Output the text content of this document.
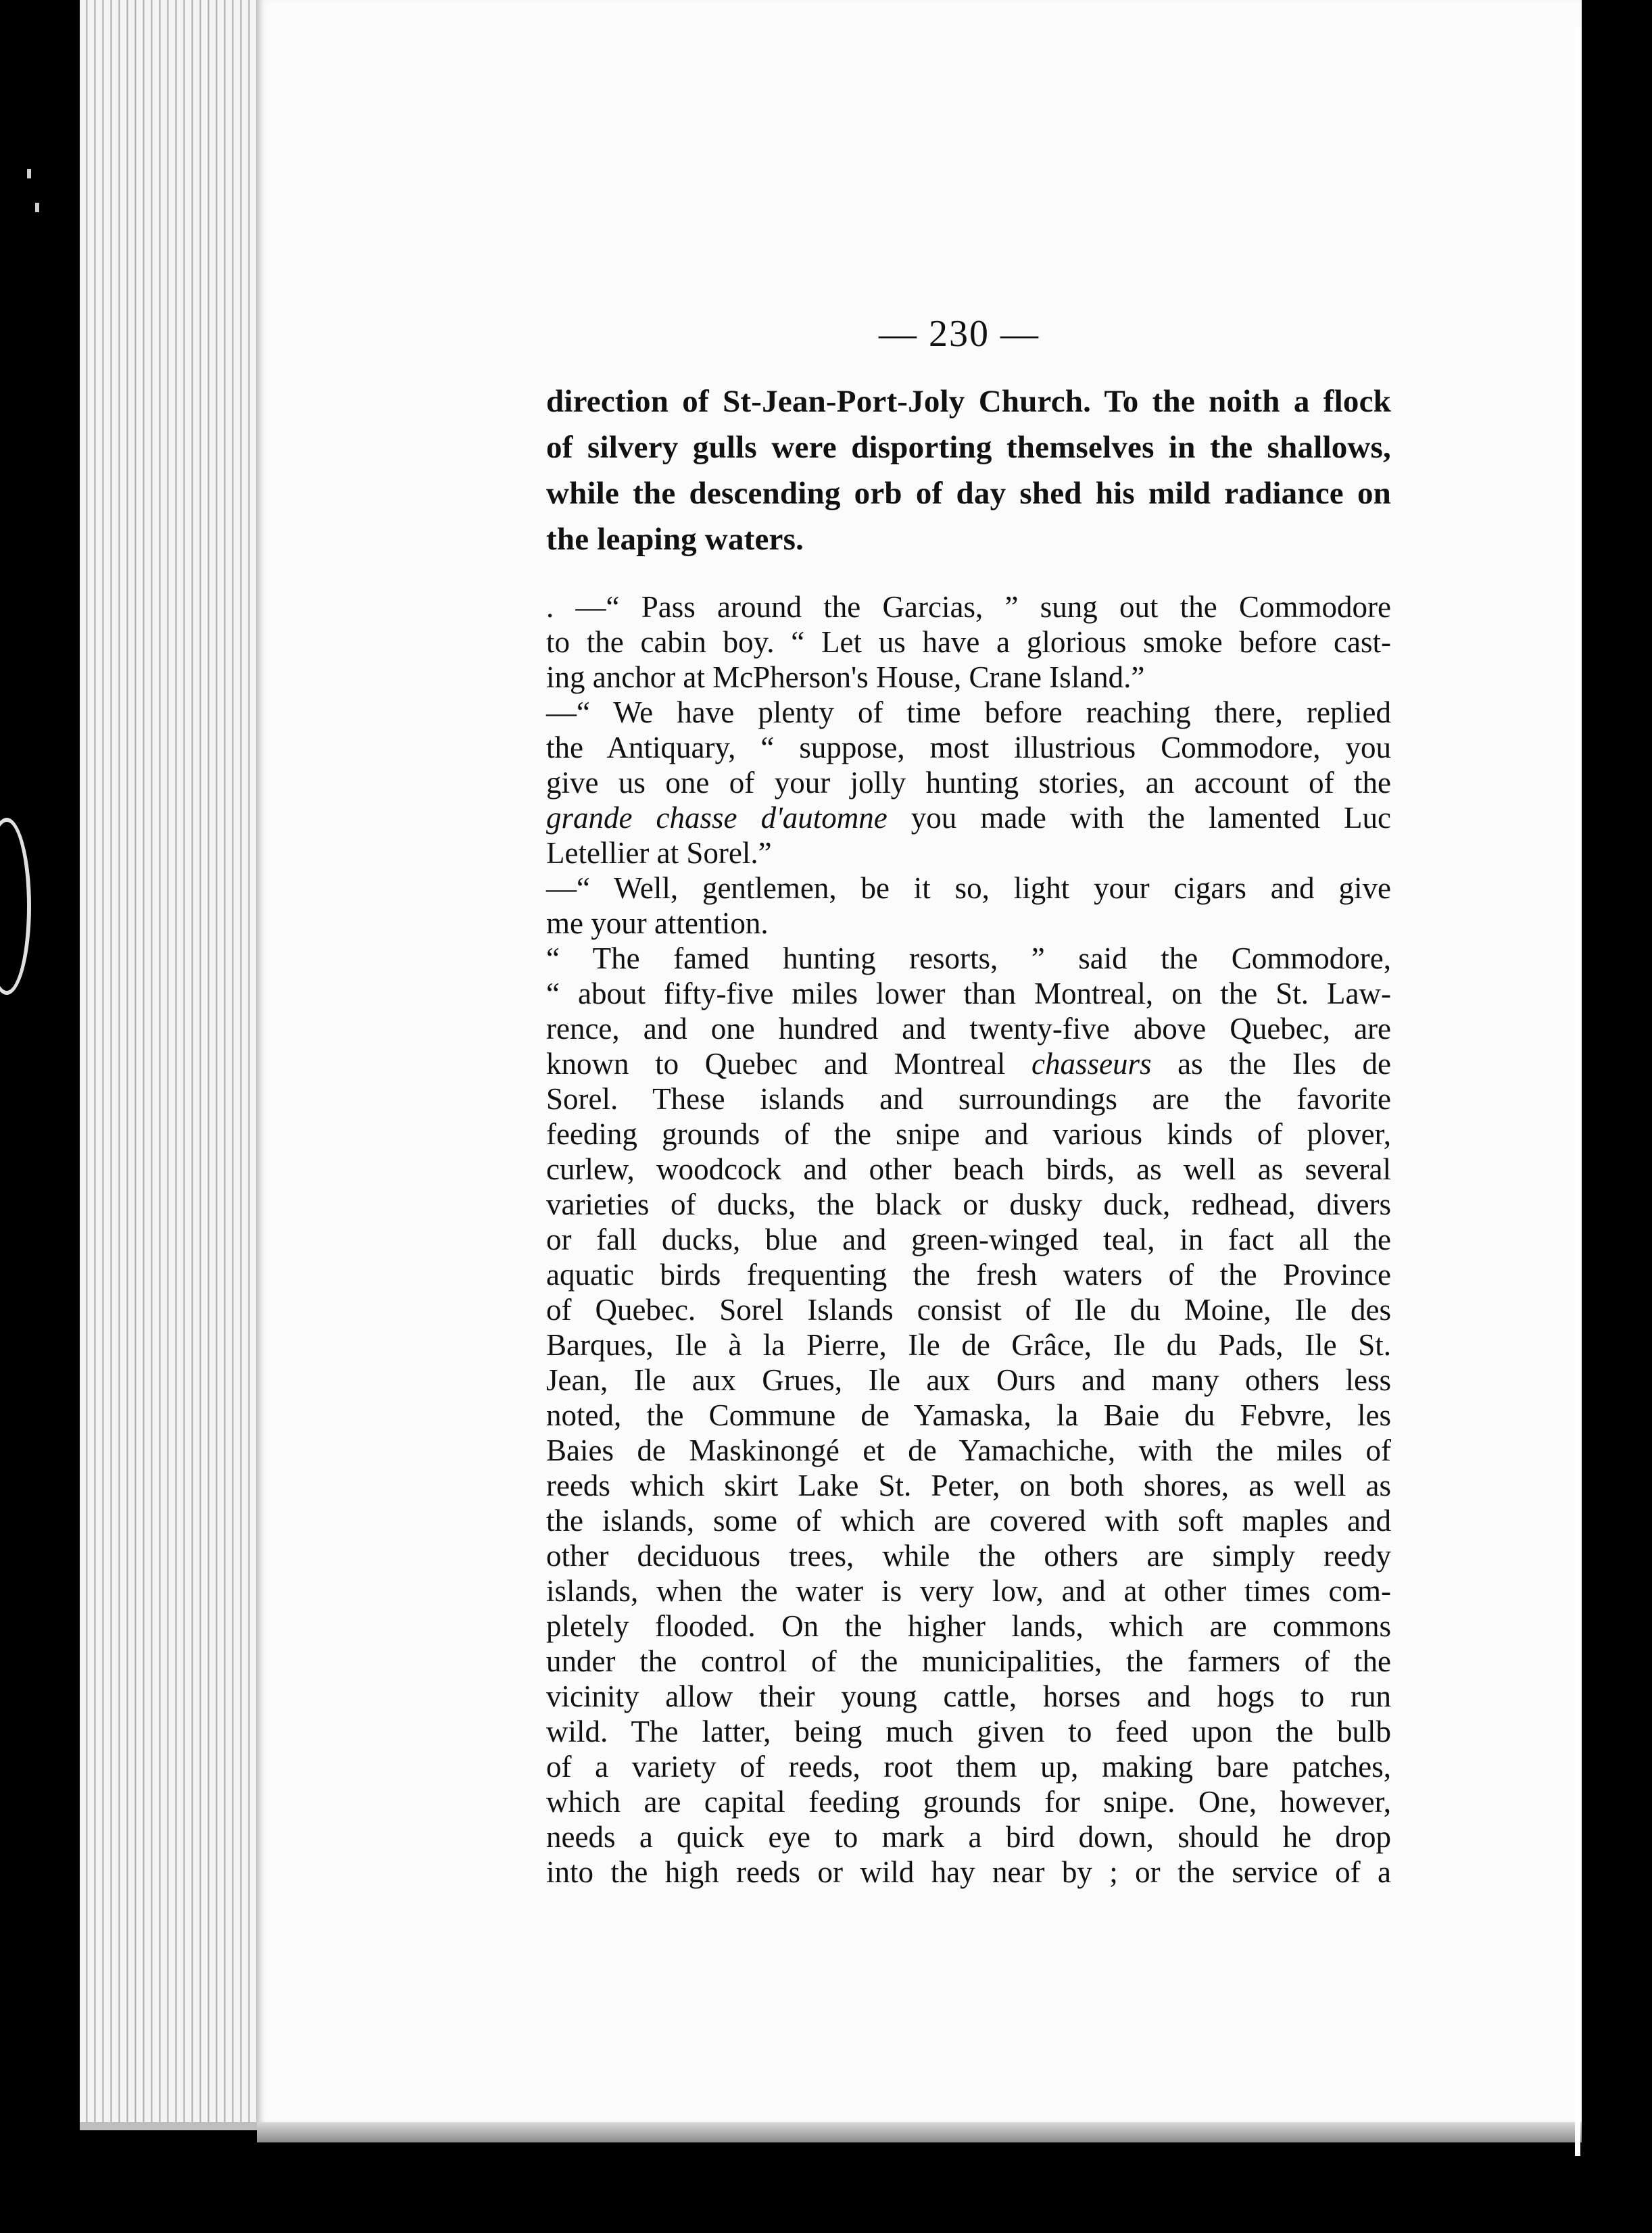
— 230 —
direction of St-Jean-Port-Joly Church. To the noith a flock
of silvery gulls were disporting themselves in the shallows,
while the descending orb of day shed his mild radiance on
the leaping waters.
. —“ Pass around the Garcias, ” sung out the Commodore
to the cabin boy. “ Let us have a glorious smoke before cast-
ing anchor at McPherson's House, Crane Island.”
—“ We have plenty of time before reaching there, replied
the Antiquary, “ suppose, most illustrious Commodore, you
give us one of your jolly hunting stories, an account of the
grande chasse d'automne you made with the lamented Luc
Letellier at Sorel.”
—“ Well, gentlemen, be it so, light your cigars and give
me your attention.
“ The famed hunting resorts, ” said the Commodore,
“ about fifty-five miles lower than Montreal, on the St. Law-
rence, and one hundred and twenty-five above Quebec, are
known to Quebec and Montreal chasseurs as the Iles de
Sorel. These islands and surroundings are the favorite
feeding grounds of the snipe and various kinds of plover,
curlew, woodcock and other beach birds, as well as several
varieties of ducks, the black or dusky duck, redhead, divers
or fall ducks, blue and green-winged teal, in fact all the
aquatic birds frequenting the fresh waters of the Province
of Quebec. Sorel Islands consist of Ile du Moine, Ile des
Barques, Ile à la Pierre, Ile de Grâce, Ile du Pads, Ile St.
Jean, Ile aux Grues, Ile aux Ours and many others less
noted, the Commune de Yamaska, la Baie du Febvre, les
Baies de Maskinongé et de Yamachiche, with the miles of
reeds which skirt Lake St. Peter, on both shores, as well as
the islands, some of which are covered with soft maples and
other deciduous trees, while the others are simply reedy
islands, when the water is very low, and at other times com-
pletely flooded. On the higher lands, which are commons
under the control of the municipalities, the farmers of the
vicinity allow their young cattle, horses and hogs to run
wild. The latter, being much given to feed upon the bulb
of a variety of reeds, root them up, making bare patches,
which are capital feeding grounds for snipe. One, however,
needs a quick eye to mark a bird down, should he drop
into the high reeds or wild hay near by ; or the service of a
